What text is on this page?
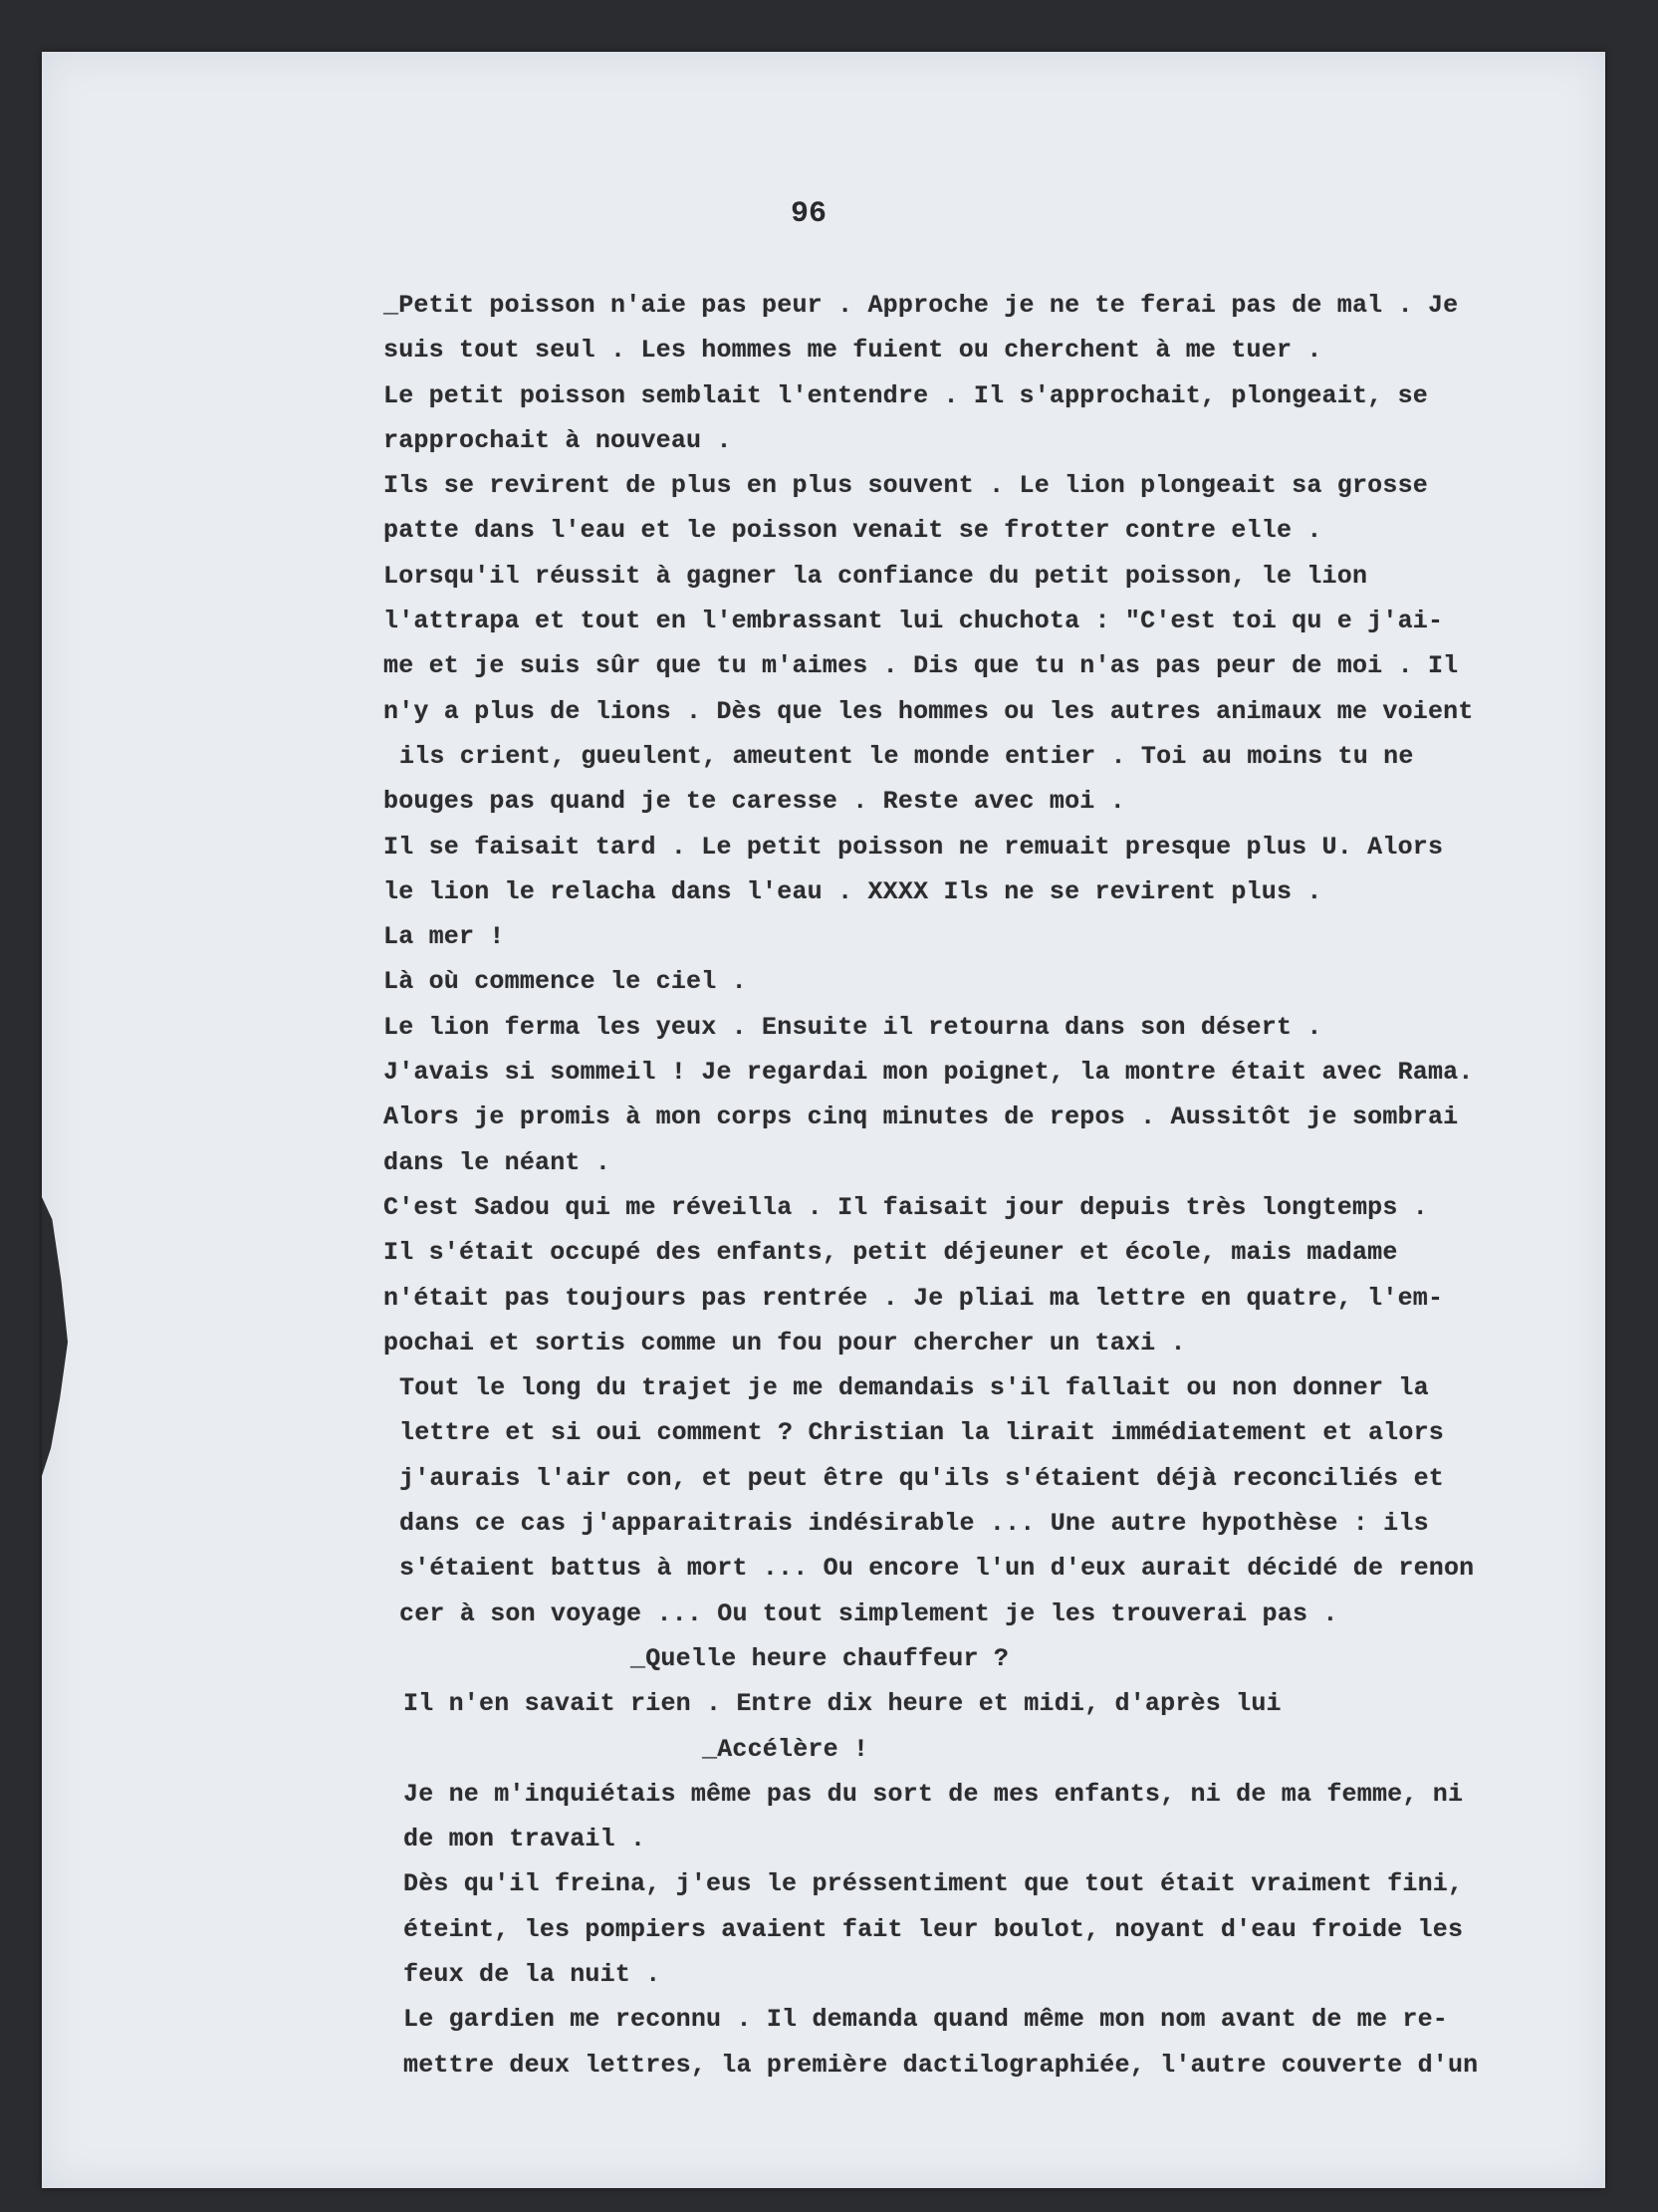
96

_Petit poisson n'aie pas peur . Approche je ne te ferai pas de mal . Je
suis tout seul . Les hommes me fuient ou cherchent à me tuer .
Le petit poisson semblait l'entendre . Il s'approchait, plongeait, se
rapprochait à nouveau .
Ils se revirent de plus en plus souvent . Le lion plongeait sa grosse
patte dans l'eau et le poisson venait se frotter contre elle .
Lorsqu'il réussit à gagner la confiance du petit poisson, le lion
l'attrapa et tout en l'embrassant lui chuchota : "C'est toi qu e j'ai-
me et je suis sûr que tu m'aimes . Dis que tu n'as pas peur de moi . Il
n'y a plus de lions . Dès que les hommes ou les autres animaux me voient
ils crient, gueulent, ameutent le monde entier . Toi au moins tu ne
bouges pas quand je te caresse . Reste avec moi .
Il se faisait tard . Le petit poisson ne remuait presque plus U. Alors
le lion le relacha dans l'eau . XXXX Ils ne se revirent plus .
La mer !
Là où commence le ciel .
Le lion ferma les yeux . Ensuite il retourna dans son désert .
J'avais si sommeil ! Je regardai mon poignet, la montre était avec Rama.
Alors je promis à mon corps cinq minutes de repos . Aussitôt je sombrai
dans le néant .
C'est Sadou qui me réveilla . Il faisait jour depuis très longtemps .
Il s'était occupé des enfants, petit déjeuner et école, mais madame
n'était pas toujours pas rentrée . Je pliai ma lettre en quatre, l'em-
pochai et sortis comme un fou pour chercher un taxi .
Tout le long du trajet je me demandais s'il fallait ou non donner la
lettre et si oui comment ? Christian la lirait immédiatement et alors
j'aurais l'air con, et peut être qu'ils s'étaient déjà reconciliés et
dans ce cas j'apparaitrais indésirable ... Une autre hypothèse : ils
s'étaient battus à mort ... Ou encore l'un d'eux aurait décidé de renon
cer à son voyage ... Ou tout simplement je les trouverai pas .
_Quelle heure chauffeur ?
Il n'en savait rien . Entre dix heure et midi, d'après lui
_Accélère !
Je ne m'inquiétais même pas du sort de mes enfants, ni de ma femme, ni
de mon travail .
Dès qu'il freina, j'eus le préssentiment que tout était vraiment fini,
éteint, les pompiers avaient fait leur boulot, noyant d'eau froide les
feux de la nuit .
Le gardien me reconnu . Il demanda quand même mon nom avant de me re-
mettre deux lettres, la première dactilographiée, l'autre couverte d'un
